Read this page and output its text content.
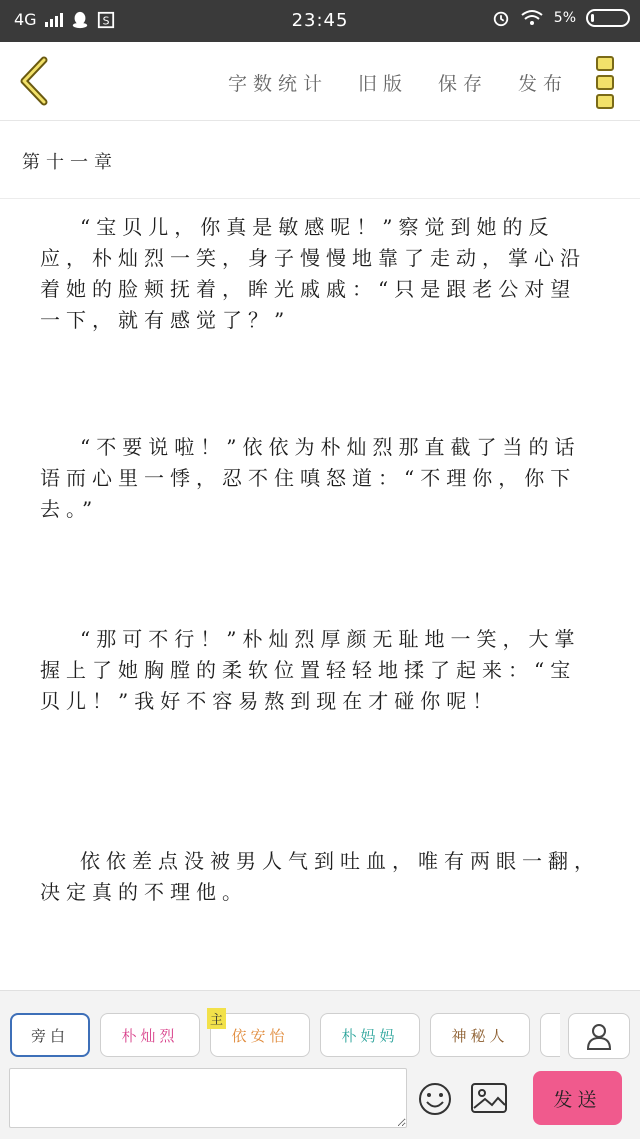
4G	S	23:45	5%
字数统计 旧版 保存 发布
第十一章

“宝贝儿，你真是敏感呢！”察觉到她的反应，朴灿烈一笑，身子慢慢地靠了走动，掌心沿着她的脸颊抚着，眸光戚戚：“只是跟老公对望一下，就有感觉了？”

“不要说啦！”依依为朴灿烈那直截了当的话语而心里一悸，忍不住嗔怒道：“不理你，你下去。”

“那可不行！”朴灿烈厚颜无耻地一笑，大掌握上了她胸膛的柔软位置轻轻地揉了起来：“宝贝儿！”我好不容易熬到现在才碰你呢！

依依差点没被男人气到吐血，唯有两眼一翻，决定真的不理他。

旁白	朴灿烈
主
依安怡	朴妈妈	神秘人
发送
